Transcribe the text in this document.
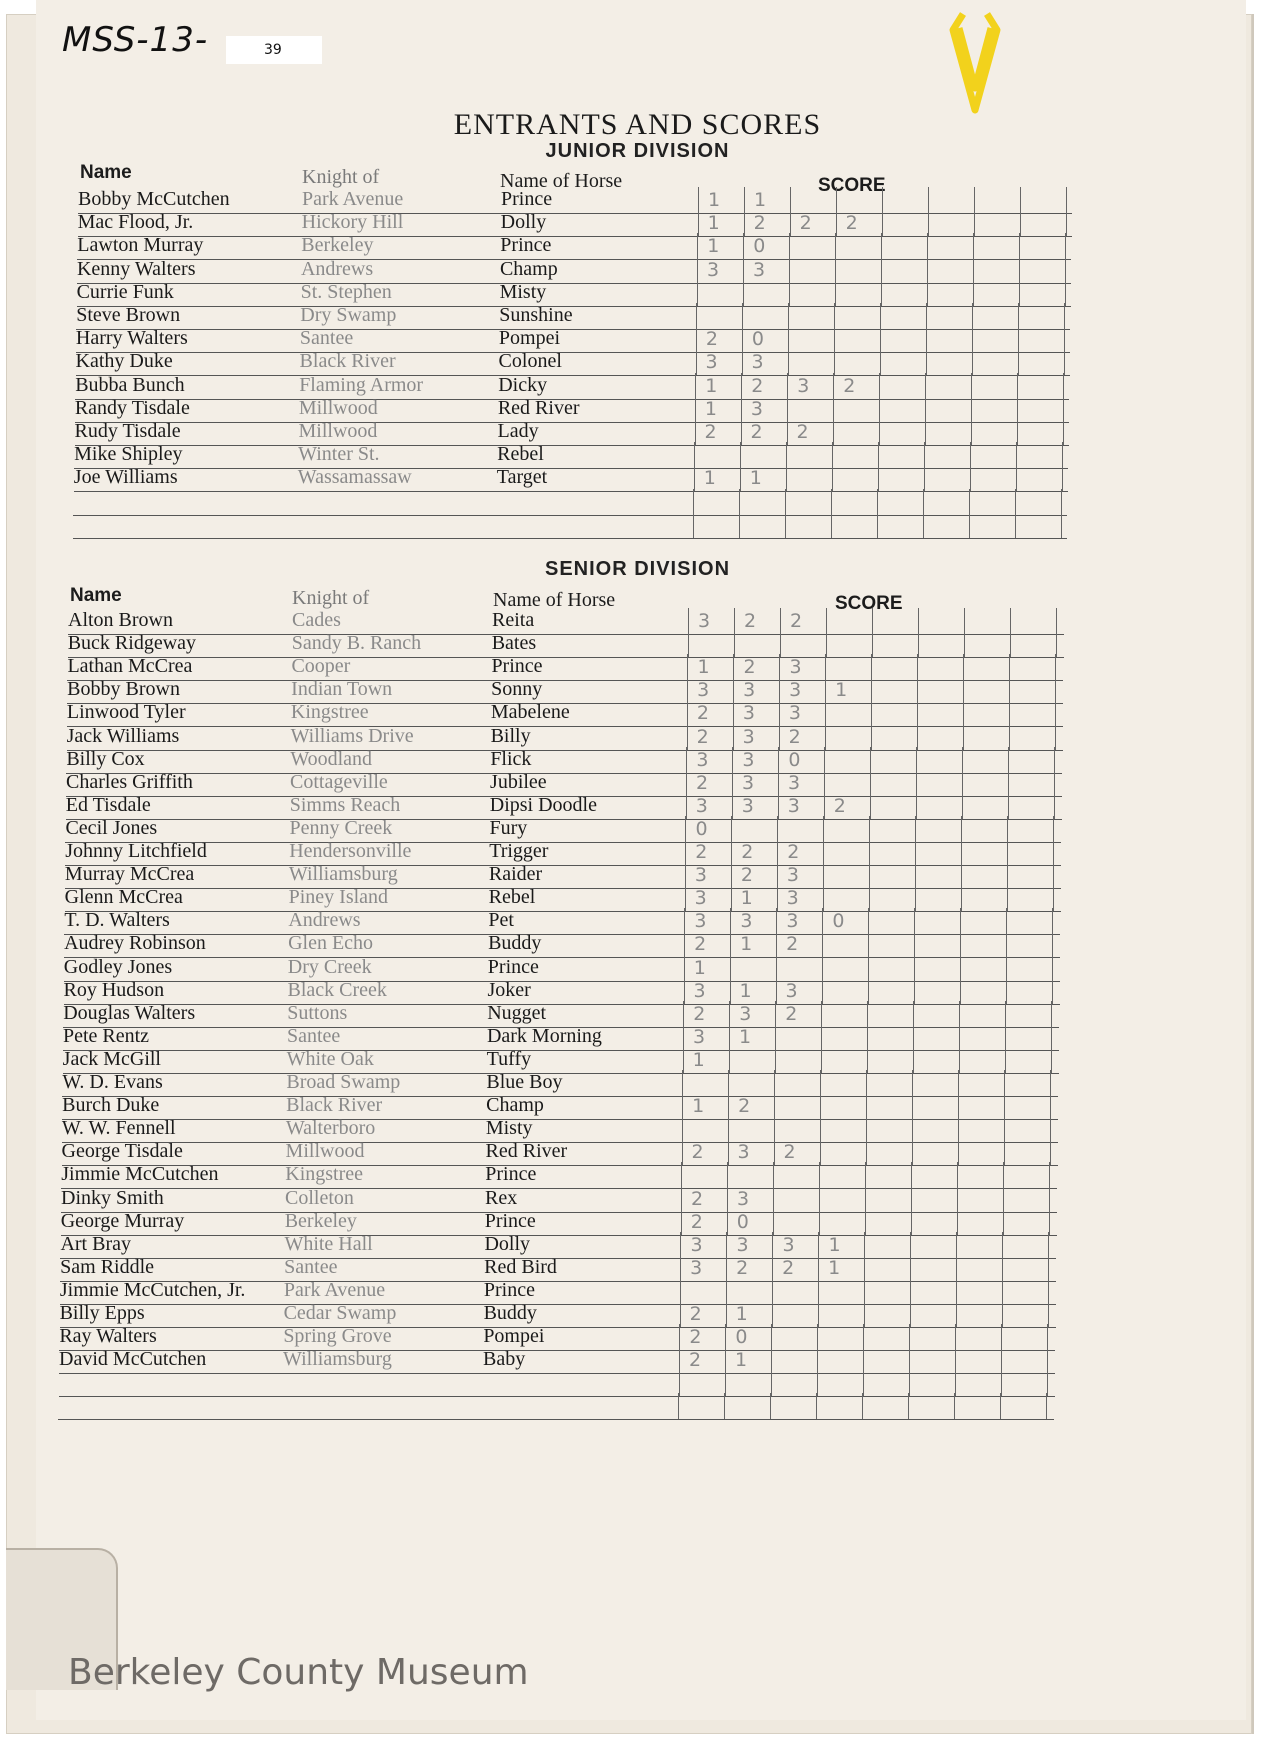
MSS-13-	39
ENTRANTS AND SCORES
JUNIOR DIVISION
Name	Knight of	Name of Horse	SCORE
Bobby McCutchen	Park Avenue	Prince	1 1
Mac Flood, Jr.	Hickory Hill	Dolly	1 2 2 2
Lawton Murray	Berkeley	Prince	1 0
Kenny Walters	Andrews	Champ	3 3
Currie Funk	St. Stephen	Misty
Steve Brown	Dry Swamp	Sunshine
Harry Walters	Santee	Pompei	2 0
Kathy Duke	Black River	Colonel	3 3
Bubba Bunch	Flaming Armor	Dicky	1 2 3 2
Randy Tisdale	Millwood	Red River	1 3
Rudy Tisdale	Millwood	Lady	2 2 2
Mike Shipley	Winter St.	Rebel
Joe Williams	Wassamassaw	Target	1 1
SENIOR DIVISION
Name	Knight of	Name of Horse	SCORE
Alton Brown	Cades	Reita	3 2 2
Buck Ridgeway	Sandy B. Ranch	Bates
Lathan McCrea	Cooper	Prince	1 2 3
Bobby Brown	Indian Town	Sonny	3 3 3 1
Linwood Tyler	Kingstree	Mabelene	2 3 3
Jack Williams	Williams Drive	Billy	2 3 2
Billy Cox	Woodland	Flick	3 3 0
Charles Griffith	Cottageville	Jubilee	2 3 3
Ed Tisdale	Simms Reach	Dipsi Doodle	3 3 3 2
Cecil Jones	Penny Creek	Fury	0
Johnny Litchfield	Hendersonville	Trigger	2 2 2
Murray McCrea	Williamsburg	Raider	3 2 3
Glenn McCrea	Piney Island	Rebel	3 1 3
T. D. Walters	Andrews	Pet	3 3 3 0
Audrey Robinson	Glen Echo	Buddy	2 1 2
Godley Jones	Dry Creek	Prince	1
Roy Hudson	Black Creek	Joker	3 1 3
Douglas Walters	Suttons	Nugget	2 3 2
Pete Rentz	Santee	Dark Morning	3 1
Jack McGill	White Oak	Tuffy	1
W. D. Evans	Broad Swamp	Blue Boy
Burch Duke	Black River	Champ	1 2
W. W. Fennell	Walterboro	Misty
George Tisdale	Millwood	Red River	2 3 2
Jimmie McCutchen	Kingstree	Prince
Dinky Smith	Colleton	Rex	2 3
George Murray	Berkeley	Prince	2 0
Art Bray	White Hall	Dolly	3 3 3 1
Sam Riddle	Santee	Red Bird	3 2 2 1
Jimmie McCutchen, Jr. Park Avenue	Prince
Billy Epps	Cedar Swamp	Buddy	2 1
Ray Walters	Spring Grove	Pompei	2 0
David McCutchen	Williamsburg	Baby	2 1
Berkeley County Museum
